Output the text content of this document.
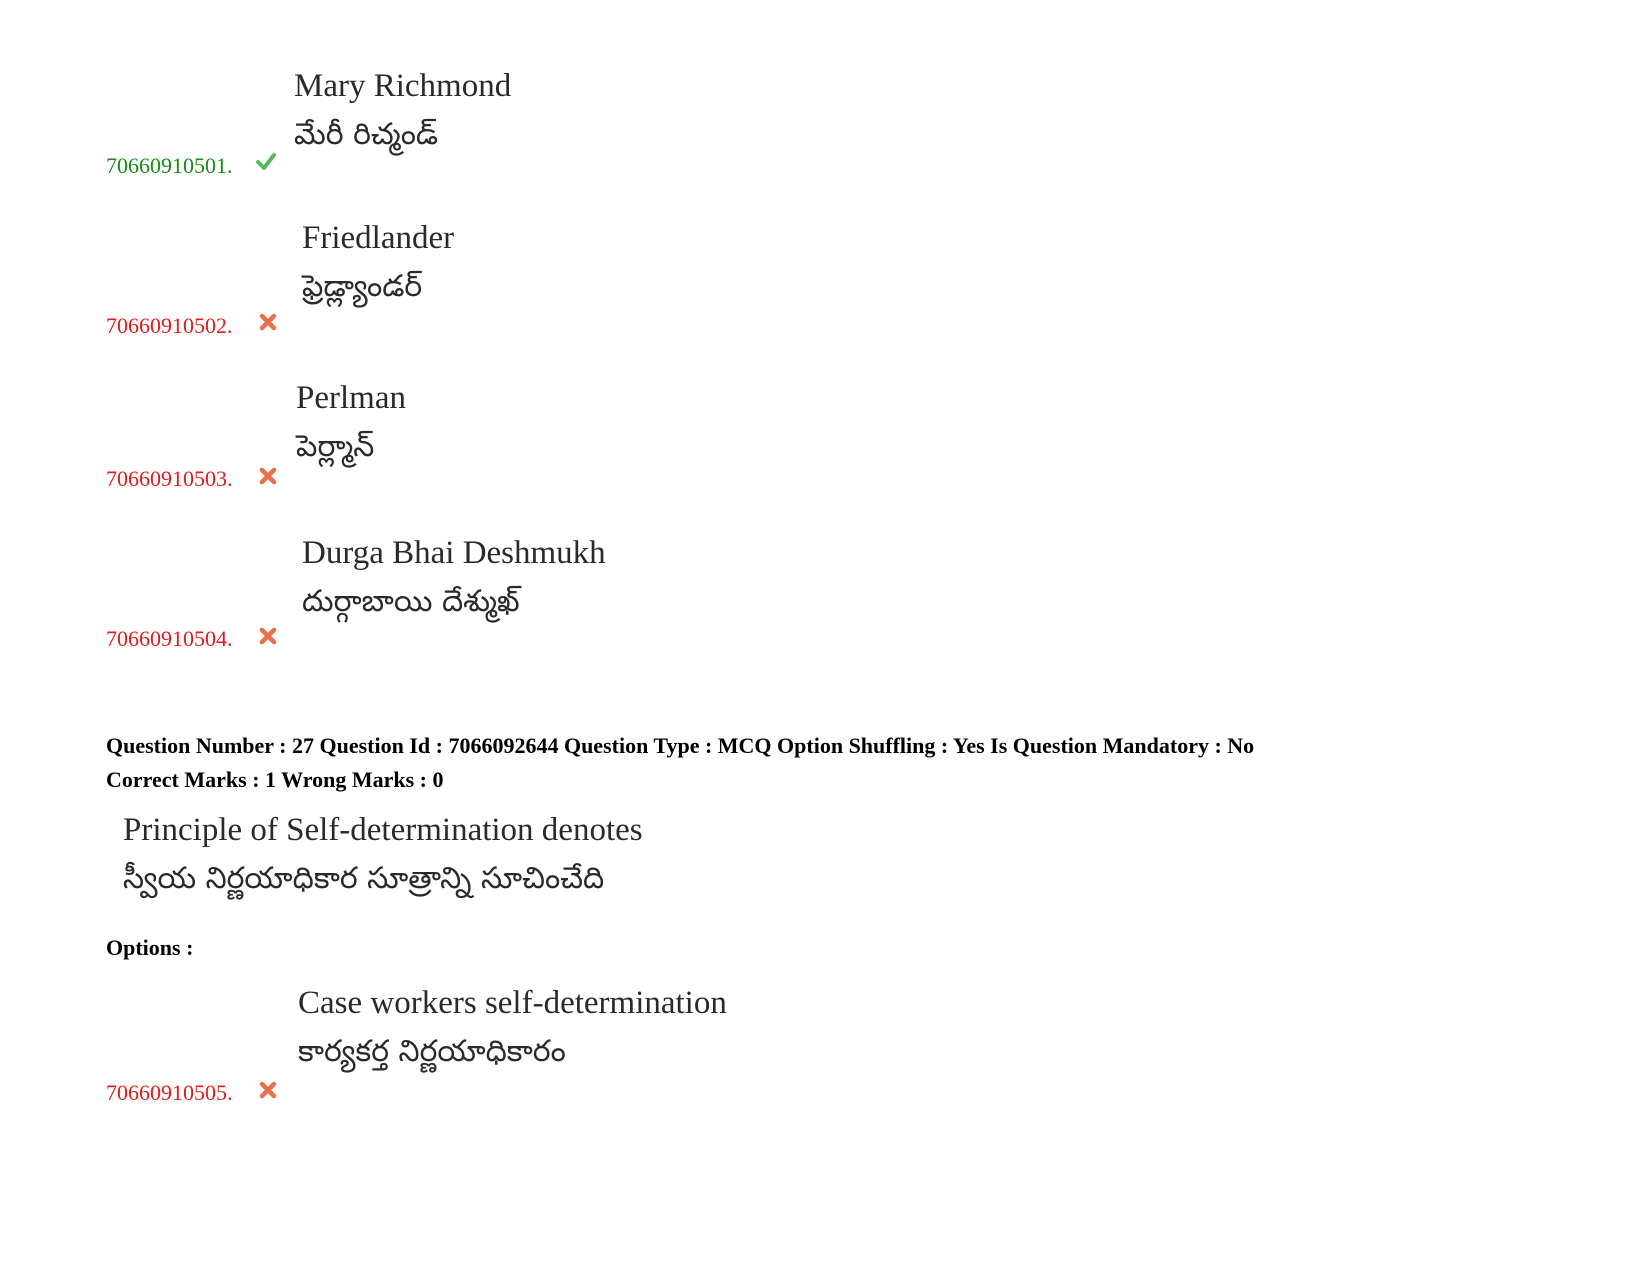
Mary Richmond
మేరీ రిచ్మండ్
70660910501.
Friedlander
ఫ్రెడ్ల్యాండర్
70660910502.
Perlman
పెర్ల్మాన్
70660910503.
Durga Bhai Deshmukh
దుర్గాబాయి దేశ్ముఖ్
70660910504.
Question Number : 27 Question Id : 7066092644 Question Type : MCQ Option Shuffling : Yes Is Question Mandatory : No
Correct Marks : 1 Wrong Marks : 0
Principle of Self-determination denotes
స్వీయ నిర్ణయాధికార సూత్రాన్ని సూచించేది
Options :
Case workers self-determination
కార్యకర్త నిర్ణయాధికారం
70660910505.
